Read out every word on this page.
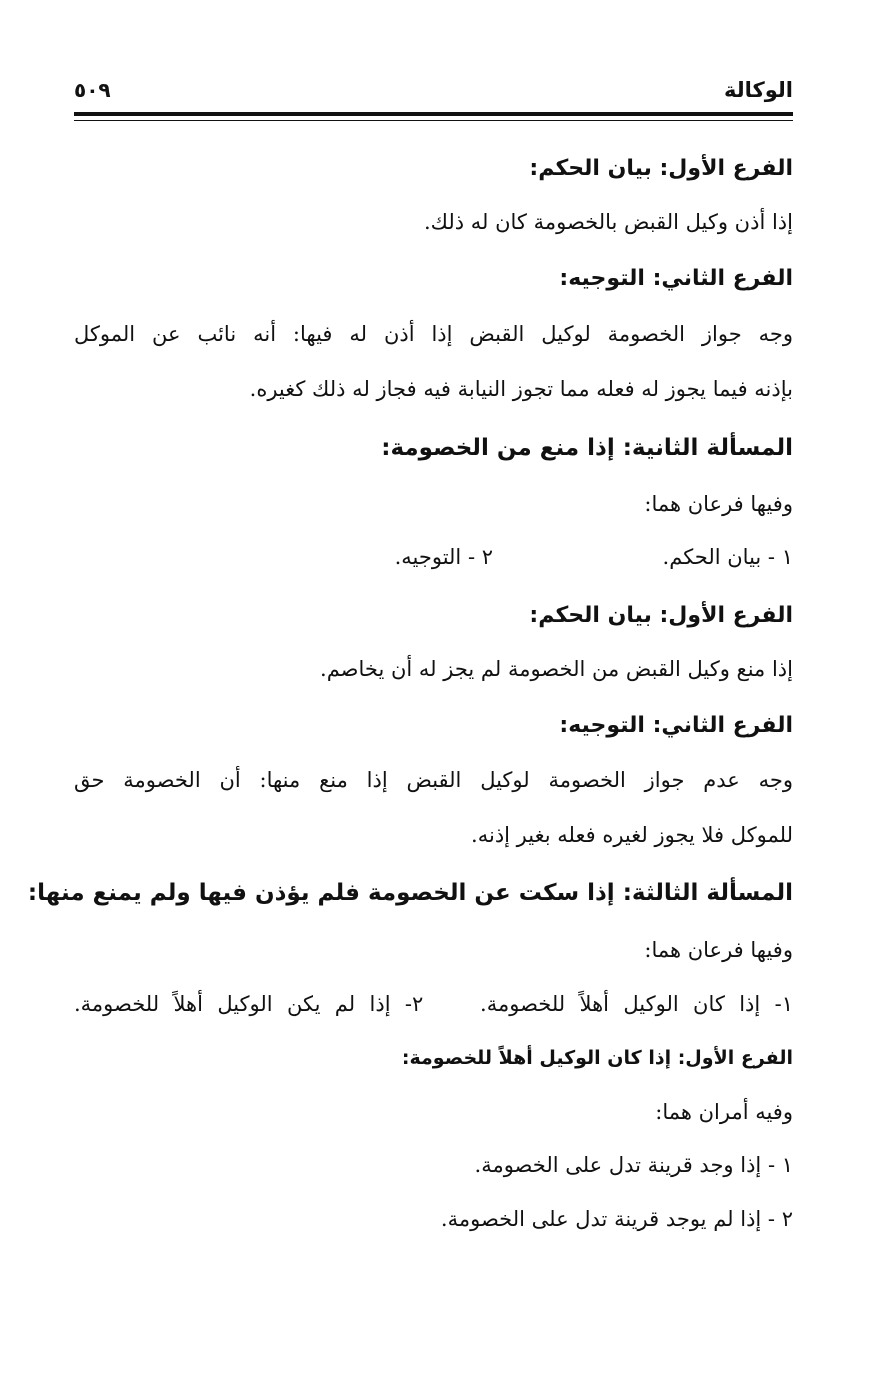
الوكالة
٥٠٩
الفرع الأول: بيان الحكم:
إذا أذن وكيل القبض بالخصومة كان له ذلك.
الفرع الثاني: التوجيه:
وجه جواز الخصومة لوكيل القبض إذا أذن له فيها: أنه نائب عن الموكل
بإذنه فيما يجوز له فعله مما تجوز النيابة فيه فجاز له ذلك كغيره.
المسألة الثانية: إذا منع من الخصومة:
وفيها فرعان هما:
١ - بيان الحكم.
٢ - التوجيه.
الفرع الأول: بيان الحكم:
إذا منع وكيل القبض من الخصومة لم يجز له أن يخاصم.
الفرع الثاني: التوجيه:
وجه عدم جواز الخصومة لوكيل القبض إذا منع منها: أن الخصومة حق
للموكل فلا يجوز لغيره فعله بغير إذنه.
المسألة الثالثة: إذا سكت عن الخصومة فلم يؤذن فيها ولم يمنع منها:
وفيها فرعان هما:
١- إذا كان الوكيل أهلاً للخصومة.  ٢- إذا لم يكن الوكيل أهلاً للخصومة.
الفرع الأول: إذا كان الوكيل أهلاً للخصومة:
وفيه أمران هما:
١ - إذا وجد قرينة تدل على الخصومة.
٢ - إذا لم يوجد قرينة تدل على الخصومة.
